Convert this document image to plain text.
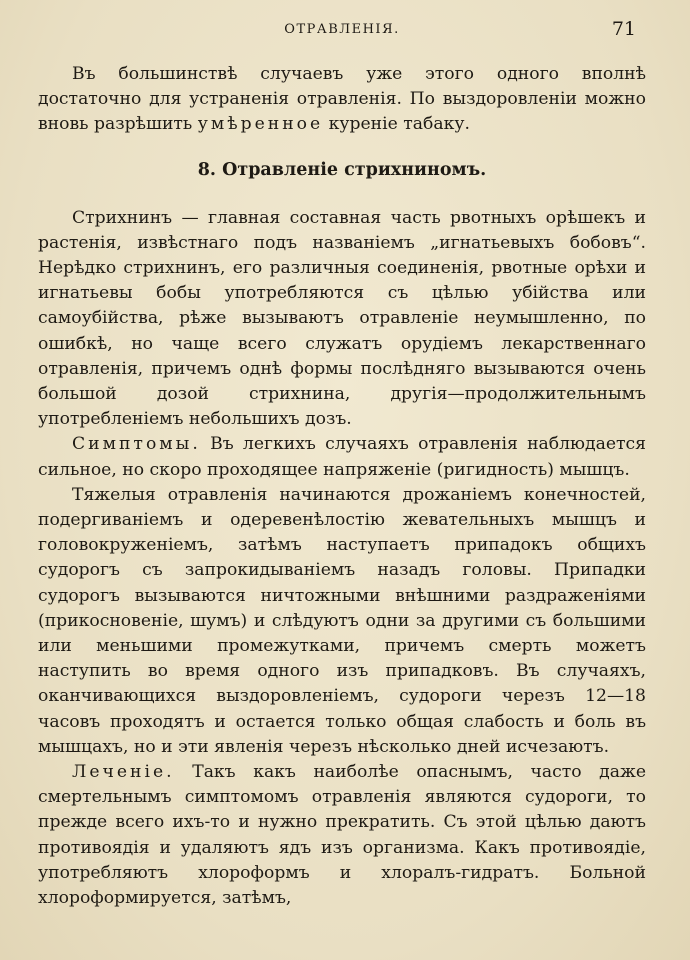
ОТРАВЛЕНІЯ.	71

Въ большинствѣ случаевъ уже этого одного вполнѣ достаточно для устраненія отравленія. По выздоровленіи можно вновь разрѣшить умѣренное куреніе табаку.

8. Отравленіе стрихниномъ.

Стрихнинъ — главная составная часть рвотныхъ орѣшекъ и растенія, извѣстнаго подъ названіемъ „игнатьевыхъ бобовъ“. Нерѣдко стрихнинъ, его различныя соединенія, рвотные орѣхи и игнатьевы бобы употребляются съ цѣлью убійства или самоубійства, рѣже вызываютъ отравленіе неумышленно, по ошибкѣ, но чаще всего служатъ орудіемъ лекарственнаго отравленія, причемъ однѣ формы послѣдняго вызываются очень большой дозой стрихнина, другія—продолжительнымъ употребленіемъ небольшихъ дозъ.

Симптомы. Въ легкихъ случаяхъ отравленія наблюдается сильное, но скоро проходящее напряженіе (ригидность) мышцъ.

Тяжелыя отравленія начинаются дрожаніемъ конечностей, подергиваніемъ и одеревенѣлостію жевательныхъ мышцъ и головокруженіемъ, затѣмъ наступаетъ припадокъ общихъ судорогъ съ запрокидываніемъ назадъ головы. Припадки судорогъ вызываются ничтожными внѣшними раздраженіями (прикосновеніе, шумъ) и слѣдуютъ одни за другими съ большими или меньшими промежутками, причемъ смерть можетъ наступить во время одного изъ припадковъ. Въ случаяхъ, оканчивающихся выздоровленіемъ, судороги черезъ 12—18 часовъ проходятъ и остается только общая слабость и боль въ мышцахъ, но и эти явленія черезъ нѣсколько дней исчезаютъ.

Леченіе. Такъ какъ наиболѣе опаснымъ, часто даже смертельнымъ симптомомъ отравленія являются судороги, то прежде всего ихъ-то и нужно прекратить. Съ этой цѣлью даютъ противоядія и удаляютъ ядъ изъ организма. Какъ противоядіе, употребляютъ хлороформъ и хлоралъ-гидратъ. Больной хлороформируется, затѣмъ,
